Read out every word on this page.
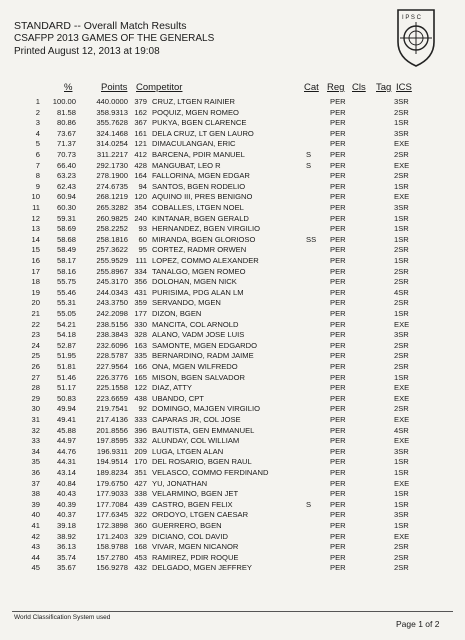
STANDARD -- Overall Match Results
CSAFPP 2013 GAMES OF THE GENERALS
Printed August 12, 2013 at 19:08
I P S C
%	Points Competitor	Cat Reg Cls Tag ICS
1	100.00	440.0000 379 CRUZ, LTGEN RAINIER	PER	3SR
2	81.58	358.9313 162 POQUIZ, MGEN ROMEO	PER	2SR
3	80.86	355.7628 367 PUKYA, BGEN CLARENCE	PER	1SR
4	73.67	324.1468 161 DELA CRUZ, LT GEN LAURO	PER	3SR
5	71.37	314.0254 121 DIMACULANGAN, ERIC	PER	EXE
6	70.73	311.2217 412 BARCENA, PDIR MANUEL	S PER	2SR
7	66.40	292.1730 428 MANGUBAT, LEO R	S PER	EXE
8	63.23	278.1900 164 FALLORINA, MGEN EDGAR	PER	2SR
9	62.43	274.6735	94 SANTOS, BGEN RODELIO	PER	1SR
10	60.94	268.1219 120 AQUINO III, PRES BENIGNO	PER	EXE
11	60.30	265.3282 354 COBALLES, LTGEN NOEL	PER	3SR
12	59.31	260.9825 240 KINTANAR, BGEN GERALD	PER	1SR
13	58.69	258.2252	93 HERNANDEZ, BGEN VIRGILIO	PER	1SR
14	58.68	258.1816	60 MIRANDA, BGEN GLORIOSO	SS PER	1SR
15	58.49	257.3622	95 CORTEZ, RADMR ORWEN	PER	2SR
16	58.17	255.9529 111 LOPEZ, COMMO ALEXANDER	PER	1SR
17	58.16	255.8967 334 TANALGO, MGEN ROMEO	PER	2SR
18	55.75	245.3170 356 DOLOHAN, MGEN NICK	PER	2SR
19	55.46	244.0343 431 PURISIMA, PDG ALAN LM	PER	4SR
20	55.31	243.3750 359 SERVANDO, MGEN	PER	2SR
21	55.05	242.2098 177 DIZON, BGEN	PER	1SR
22	54.21	238.5156 330 MANCITA, COL ARNOLD	PER	EXE
23	54.18	238.3843 328 ALANO, VADM JOSE LUIS	PER	3SR
24	52.87	232.6096 163 SAMONTE, MGEN EDGARDO	PER	2SR
25	51.95	228.5787 335 BERNARDINO, RADM JAIME	PER	2SR
26	51.81	227.9564 166 ONA, MGEN WILFREDO	PER	2SR
27	51.46	226.3776 165 MISON, BGEN SALVADOR	PER	1SR
28	51.17	225.1558 122 DIAZ, ATTY	PER	EXE
29	50.83	223.6659 438 UBANDO, CPT	PER	EXE
30	49.94	219.7541	92 DOMINGO, MAJGEN VIRGILIO	PER	2SR
31	49.41	217.4136 333 CAPARAS JR, COL JOSE	PER	EXE
32	45.88	201.8556 396 BAUTISTA, GEN EMMANUEL	PER	4SR
33	44.97	197.8595 332 ALUNDAY, COL WILLIAM	PER	EXE
34	44.76	196.9311 209 LUGA, LTGEN ALAN	PER	3SR
35	44.31	194.9514 170 DEL ROSARIO, BGEN RAUL	PER	1SR
36	43.14	189.8234 351 VELASCO, COMMO FERDINAND	PER	1SR
37	40.84	179.6750 427 YU, JONATHAN	PER	EXE
38	40.43	177.9033 338 VELARMINO, BGEN JET	PER	1SR
39	40.39	177.7084 439 CASTRO, BGEN FELIX	S PER	1SR
40	40.37	177.6345 322 ORDOYO, LTGEN CAESAR	PER	3SR
41	39.18	172.3898 360 GUERRERO, BGEN	PER	1SR
42	38.92	171.2403 329 DICIANO, COL DAVID	PER	EXE
43	36.13	158.9788 168 VIVAR, MGEN NICANOR	PER	2SR
44	35.74	157.2780 453 RAMIREZ, PDIR ROQUE	PER	2SR
45	35.67	156.9278 432 DELGADO, MGEN JEFFREY	PER	2SR
World Classification System used
Page 1 of 2
